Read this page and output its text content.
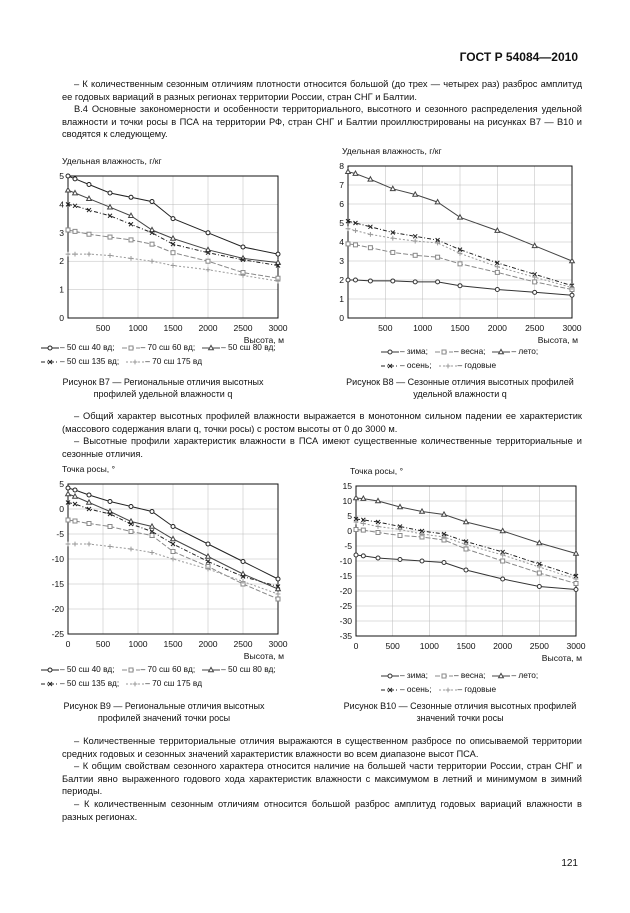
ГОСТ Р 54084—2010

– К количественным сезонным отличиям плотности относится большой (до трех — четырех раз) разброс амплитуд ее годовых вариаций в разных регионах территории России, стран СНГ и Балтии.

В.4 Основные закономерности и особенности территориального, высотного и сезонного распределения удельной влажности и точки росы в ПСА на территории РФ, стран СНГ и Балтии проиллюстрированы на рисунках В7 — В10 и сводятся к следующему.

Удельная влажность, г/кг
0
1
2
3
4
5
500 1000 1500 2000 2500 3000
Высота, м
Удельная влажность, г/кг
0
1
2
3
4
5
6
7
8
500 1000 1500 2000 2500 3000
Высота, м
– 50 сш 40 вд;	– 70 сш 60 вд;	– 50 сш 80 вд;
– 50 сш 135 вд;	– 70 сш 175 вд
– зима;	– весна;	– лето;
– осень;	– годовые
Рисунок В7 — Региональные отличия высотных профилей удельной влажности q
Рисунок В8 — Сезонные отличия высотных профилей удельной влажности q

– Общий характер высотных профилей влажности выражается в монотонном сильном падении ее характеристик (массового содержания влаги q, точки росы) с ростом высоты от 0 до 3000 м.

– Высотные профили характеристик влажности в ПСА имеют существенные количественные территориальные и сезонные отличия.

Точка росы, °
-25
-20
-15
-10
-5
0
5
0	500 1000 1500 2000 2500 3000
Высота, м
Точка росы, °
-35
-30
-25
-20
-15
-10
-5
0
5
10
15
0	500 1000 1500 2000 2500 3000
Высота, м
– 50 сш 40 вд;	– 70 сш 60 вд;	– 50 сш 80 вд;
– 50 сш 135 вд;	– 70 сш 175 вд
– зима;	– весна;	– лето;
– осень;	– годовые
Рисунок В9 — Региональные отличия высотных профилей значений точки росы
Рисунок В10 — Сезонные отличия высотных профилей значений точки росы

– Количественные территориальные отличия выражаются в существенном разбросе по описываемой территории средних годовых и сезонных значений характеристик влажности во всем диапазоне высот ПСА.

– К общим свойствам сезонного характера относится наличие на большей части территории России, стран СНГ и Балтии явно выраженного годового хода характеристик влажности с максимумом в летний и минимумом в зимний периоды.

– К количественным сезонным отличиям относится большой разброс амплитуд годовых вариаций влажности в разных регионах.

121
